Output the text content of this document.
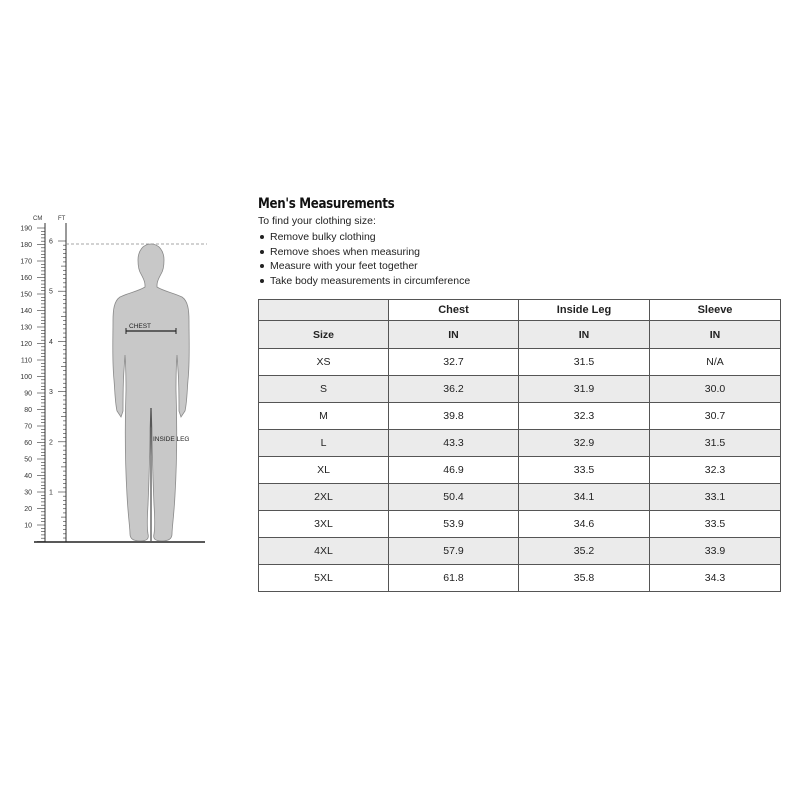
CM	FT
190
180
170
160
150
140
130
120
110
100
90
80
70
60
50
40
30
20
10
6
5
4
3
2
1
CHEST
INSIDE LEG
Men's Measurements
To find your clothing size:
Remove bulky clothing
Remove shoes when measuring
Measure with your feet together
Take body measurements in circumference
	Chest	Inside Leg	Sleeve
Size	IN	IN	IN
XS	32.7	31.5	N/A
S	36.2	31.9	30.0
M	39.8	32.3	30.7
L	43.3	32.9	31.5
XL	46.9	33.5	32.3
2XL	50.4	34.1	33.1
3XL	53.9	34.6	33.5
4XL	57.9	35.2	33.9
5XL	61.8	35.8	34.3
